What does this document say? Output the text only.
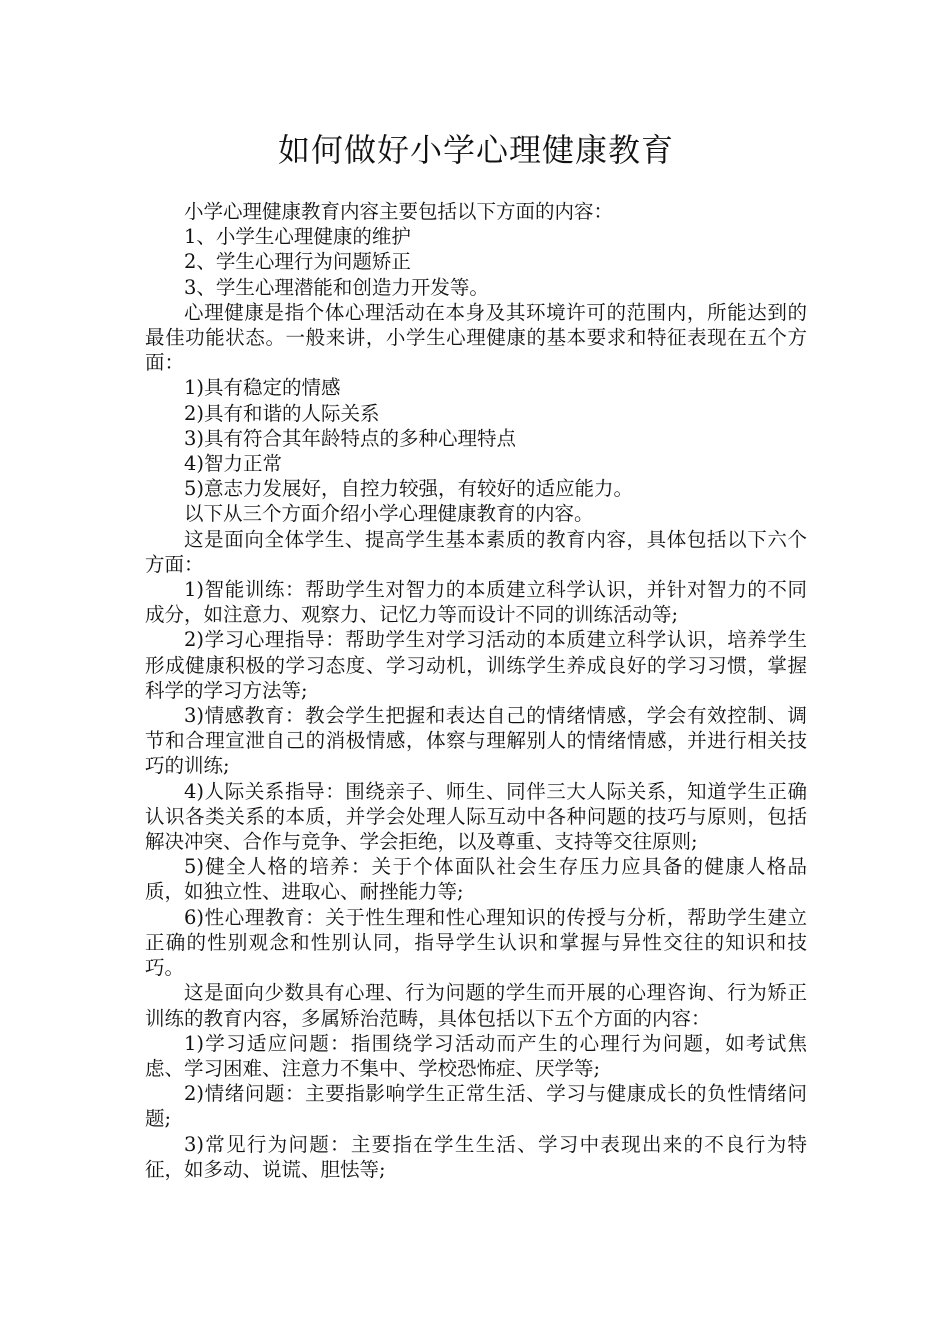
如何做好小学心理健康教育

小学心理健康教育内容主要包括以下方面的内容：

1、小学生心理健康的维护

2、学生心理行为问题矫正

3、学生心理潜能和创造力开发等。

心理健康是指个体心理活动在本身及其环境许可的范围内，所能达到的最佳功能状态。一般来讲，小学生心理健康的基本要求和特征表现在五个方面：

1)具有稳定的情感

2)具有和谐的人际关系

3)具有符合其年龄特点的多种心理特点

4)智力正常

5)意志力发展好，自控力较强，有较好的适应能力。

以下从三个方面介绍小学心理健康教育的内容。

这是面向全体学生、提高学生基本素质的教育内容，具体包括以下六个方面：

1)智能训练：帮助学生对智力的本质建立科学认识，并针对智力的不同成分，如注意力、观察力、记忆力等而设计不同的训练活动等;

2)学习心理指导：帮助学生对学习活动的本质建立科学认识，培养学生形成健康积极的学习态度、学习动机，训练学生养成良好的学习习惯，掌握科学的学习方法等;

3)情感教育：教会学生把握和表达自己的情绪情感，学会有效控制、调节和合理宣泄自己的消极情感，体察与理解别人的情绪情感，并进行相关技巧的训练;

4)人际关系指导：围绕亲子、师生、同伴三大人际关系，知道学生正确认识各类关系的本质，并学会处理人际互动中各种问题的技巧与原则，包括解决冲突、合作与竞争、学会拒绝，以及尊重、支持等交往原则;

5)健全人格的培养：关于个体面队社会生存压力应具备的健康人格品质，如独立性、进取心、耐挫能力等;

6)性心理教育：关于性生理和性心理知识的传授与分析，帮助学生建立正确的性别观念和性别认同，指导学生认识和掌握与异性交往的知识和技巧。

这是面向少数具有心理、行为问题的学生而开展的心理咨询、行为矫正训练的教育内容，多属矫治范畴，具体包括以下五个方面的内容：

1)学习适应问题：指围绕学习活动而产生的心理行为问题，如考试焦虑、学习困难、注意力不集中、学校恐怖症、厌学等;

2)情绪问题：主要指影响学生正常生活、学习与健康成长的负性情绪问题;

3)常见行为问题：主要指在学生生活、学习中表现出来的不良行为特征，如多动、说谎、胆怯等;
